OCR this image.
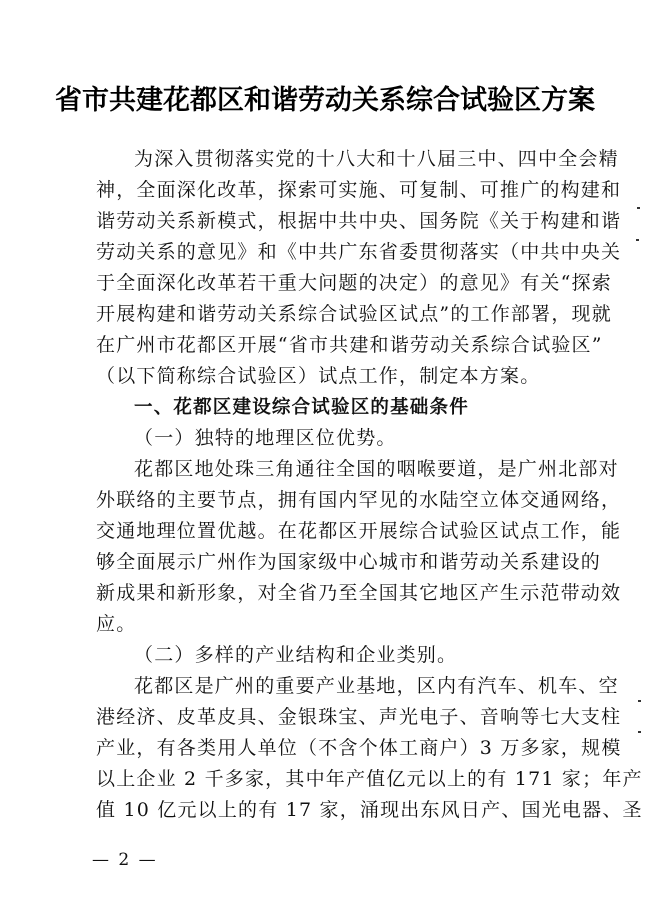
省市共建花都区和谐劳动关系综合试验区方案
为深入贯彻落实党的十八大和十八届三中、四中全会精
神，全面深化改革，探索可实施、可复制、可推广的构建和
谐劳动关系新模式，根据中共中央、国务院《关于构建和谐
劳动关系的意见》和《中共广东省委贯彻落实（中共中央关
于全面深化改革若干重大问题的决定）的意见》有关“探索
开展构建和谐劳动关系综合试验区试点”的工作部署，现就
在广州市花都区开展“省市共建和谐劳动关系综合试验区”
（以下简称综合试验区）试点工作，制定本方案。
一、花都区建设综合试验区的基础条件
（一）独特的地理区位优势。
花都区地处珠三角通往全国的咽喉要道，是广州北部对
外联络的主要节点，拥有国内罕见的水陆空立体交通网络，
交通地理位置优越。在花都区开展综合试验区试点工作，能
够全面展示广州作为国家级中心城市和谐劳动关系建设的
新成果和新形象，对全省乃至全国其它地区产生示范带动效
应。
（二）多样的产业结构和企业类别。
花都区是广州的重要产业基地，区内有汽车、机车、空
港经济、皮革皮具、金银珠宝、声光电子、音响等七大支柱
产业，有各类用人单位（不含个体工商户）3 万多家，规模
以上企业 2 千多家，其中年产值亿元以上的有 171 家；年产
值 10 亿元以上的有 17 家，涌现出东风日产、国光电器、圣
— 2 —
